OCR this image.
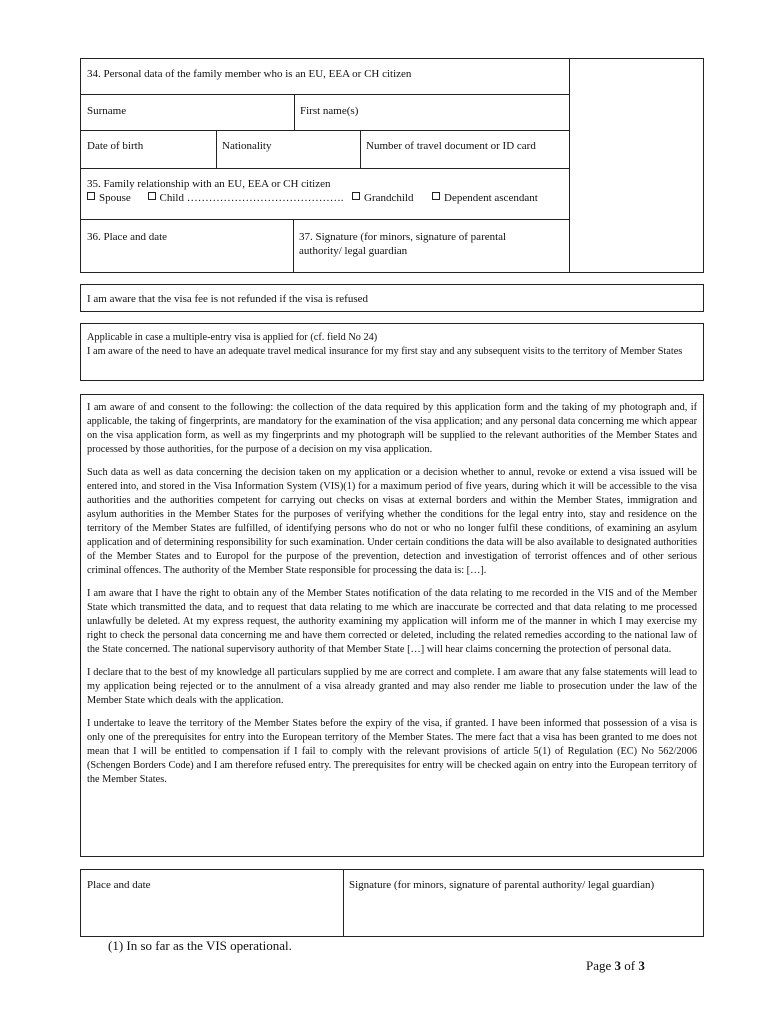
34. Personal data of the family member who is an EU, EEA or CH citizen
Surname	First name(s)
Date of birth	Nationality	Number of travel document or ID card
35. Family relationship with an EU, EEA or CH citizen
Spouse	Child …………………………………….	Grandchild	Dependent ascendant
36. Place and date	37. Signature (for minors, signature of parental
authority/ legal guardian
I am aware that the visa fee is not refunded if the visa is refused
Applicable in case a multiple-entry visa is applied for (cf. field No 24)
I am aware of the need to have an adequate travel medical insurance for my first stay and any subsequent visits to the territory of Member States

I am aware of and consent to the following: the collection of the data required by this application form and the taking of my photograph and, if applicable, the taking of fingerprints, are mandatory for the examination of the visa application; and any personal data concerning me which appear on the visa application form, as well as my fingerprints and my photograph will be supplied to the relevant authorities of the Member States and processed by those authorities, for the purpose of a decision on my visa application.

Such data as well as data concerning the decision taken on my application or a decision whether to annul, revoke or extend a visa issued will be entered into, and stored in the Visa Information System (VIS)(1) for a maximum period of five years, during which it will be accessible to the visa authorities and the authorities competent for carrying out checks on visas at external borders and within the Member States, immigration and asylum authorities in the Member States for the purposes of verifying whether the conditions for the legal entry into, stay and residence on the territory of the Member States are fulfilled, of identifying persons who do not or who no longer fulfil these conditions, of examining an asylum application and of determining responsibility for such examination. Under certain conditions the data will be also available to designated authorities of the Member States and to Europol for the purpose of the prevention, detection and investigation of terrorist offences and of other serious criminal offences. The authority of the Member State responsible for processing the data is: […].

I am aware that I have the right to obtain any of the Member States notification of the data relating to me recorded in the VIS and of the Member State which transmitted the data, and to request that data relating to me which are inaccurate be corrected and that data relating to me processed unlawfully be deleted. At my express request, the authority examining my application will inform me of the manner in which I may exercise my right to check the personal data concerning me and have them corrected or deleted, including the related remedies according to the national law of the State concerned. The national supervisory authority of that Member State […] will hear claims concerning the protection of personal data.

I declare that to the best of my knowledge all particulars supplied by me are correct and complete. I am aware that any false statements will lead to my application being rejected or to the annulment of a visa already granted and may also render me liable to prosecution under the law of the Member State which deals with the application.

I undertake to leave the territory of the Member States before the expiry of the visa, if granted. I have been informed that possession of a visa is only one of the prerequisites for entry into the European territory of the Member States. The mere fact that a visa has been granted to me does not mean that I will be entitled to compensation if I fail to comply with the relevant provisions of article 5(1) of Regulation (EC) No 562/2006 (Schengen Borders Code) and I am therefore refused entry. The prerequisites for entry will be checked again on entry into the European territory of the Member States.

Place and date	Signature (for minors, signature of parental authority/ legal guardian)
(1) In so far as the VIS operational.
Page 3 of 3
